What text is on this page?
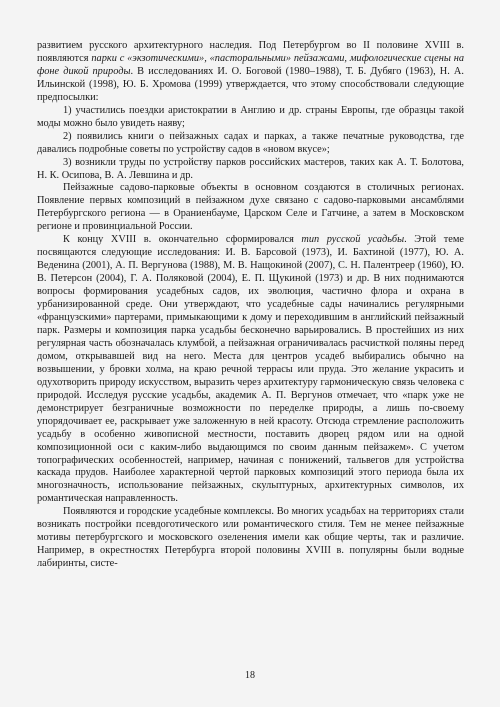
развитием русского архитектурного наследия. Под Петербургом во II половине XVIII в. появляются парки с «экзотическими», «пасторальными» пейзажами, мифологические сцены на фоне дикой природы. В исследованиях И. О. Боговой (1980–1988), Т. Б. Дубяго (1963), Н. А. Ильинской (1998), Ю. Б. Хромова (1999) утверждается, что этому способствовали следующие предпосылки:

1) участились поездки аристократии в Англию и др. страны Европы, где образцы такой моды можно было увидеть наяву;

2) появились книги о пейзажных садах и парках, а также печатные руководства, где давались подробные советы по устройству садов в «новом вкусе»;

3) возникли труды по устройству парков российских мастеров, таких как А. Т. Болотова, Н. К. Осипова, В. А. Левшина и др.

Пейзажные садово-парковые объекты в основном создаются в столичных регионах. Появление первых композиций в пейзажном духе связано с садово-парковыми ансамблями Петербургского региона — в Ораниенбауме, Царском Селе и Гатчине, а затем в Московском регионе и провинциальной России.

К концу XVIII в. окончательно сформировался тип русской усадьбы. Этой теме посвящаются следующие исследования: И. В. Барсовой (1973), И. Бахтиной (1977), Ю. А. Веденина (2001), А. П. Вергунова (1988), М. В. Нащокиной (2007), С. Н. Палентреер (1960), Ю. В. Петерсон (2004), Г. А. Поляковой (2004), Е. П. Щукиной (1973) и др. В них поднимаются вопросы формирования усадебных садов, их эволюция, частично флора и охрана в урбанизированной среде. Они утверждают, что усадебные сады начинались регулярными «французскими» партерами, примыкающими к дому и переходившим в английский пейзажный парк. Размеры и композиция парка усадьбы бесконечно варьировались. В простейших из них регулярная часть обозначалась клумбой, а пейзажная ограничивалась расчисткой поляны перед домом, открывавшей вид на него. Места для центров усадеб выбирались обычно на возвышении, у бровки холма, на краю речной террасы или пруда. Это желание украсить и одухотворить природу искусством, выразить через архитектуру гармоническую связь человека с природой. Исследуя русские усадьбы, академик А. П. Вергунов отмечает, что «парк уже не демонстрирует безграничные возможности по переделке природы, а лишь по-своему упорядочивает ее, раскрывает уже заложенную в ней красоту. Отсюда стремление расположить усадьбу в особенно живописной местности, поставить дворец рядом или на одной композиционной оси с каким-либо выдающимся по своим данным пейзажем». С учетом топографических особенностей, например, начиная с понижений, тальвегов для устройства каскада прудов. Наиболее характерной чертой парковых композиций этого периода была их многозначность, использование пейзажных, скульптурных, архитектурных символов, их романтическая направленность.

Появляются и городские усадебные комплексы. Во многих усадьбах на территориях стали возникать постройки псевдоготического или романтического стиля. Тем не менее пейзажные мотивы петербургского и московского озеленения имели как общие черты, так и различие. Например, в окрестностях Петербурга второй половины XVIII в. популярны были водные лабиринты, систе-

18
